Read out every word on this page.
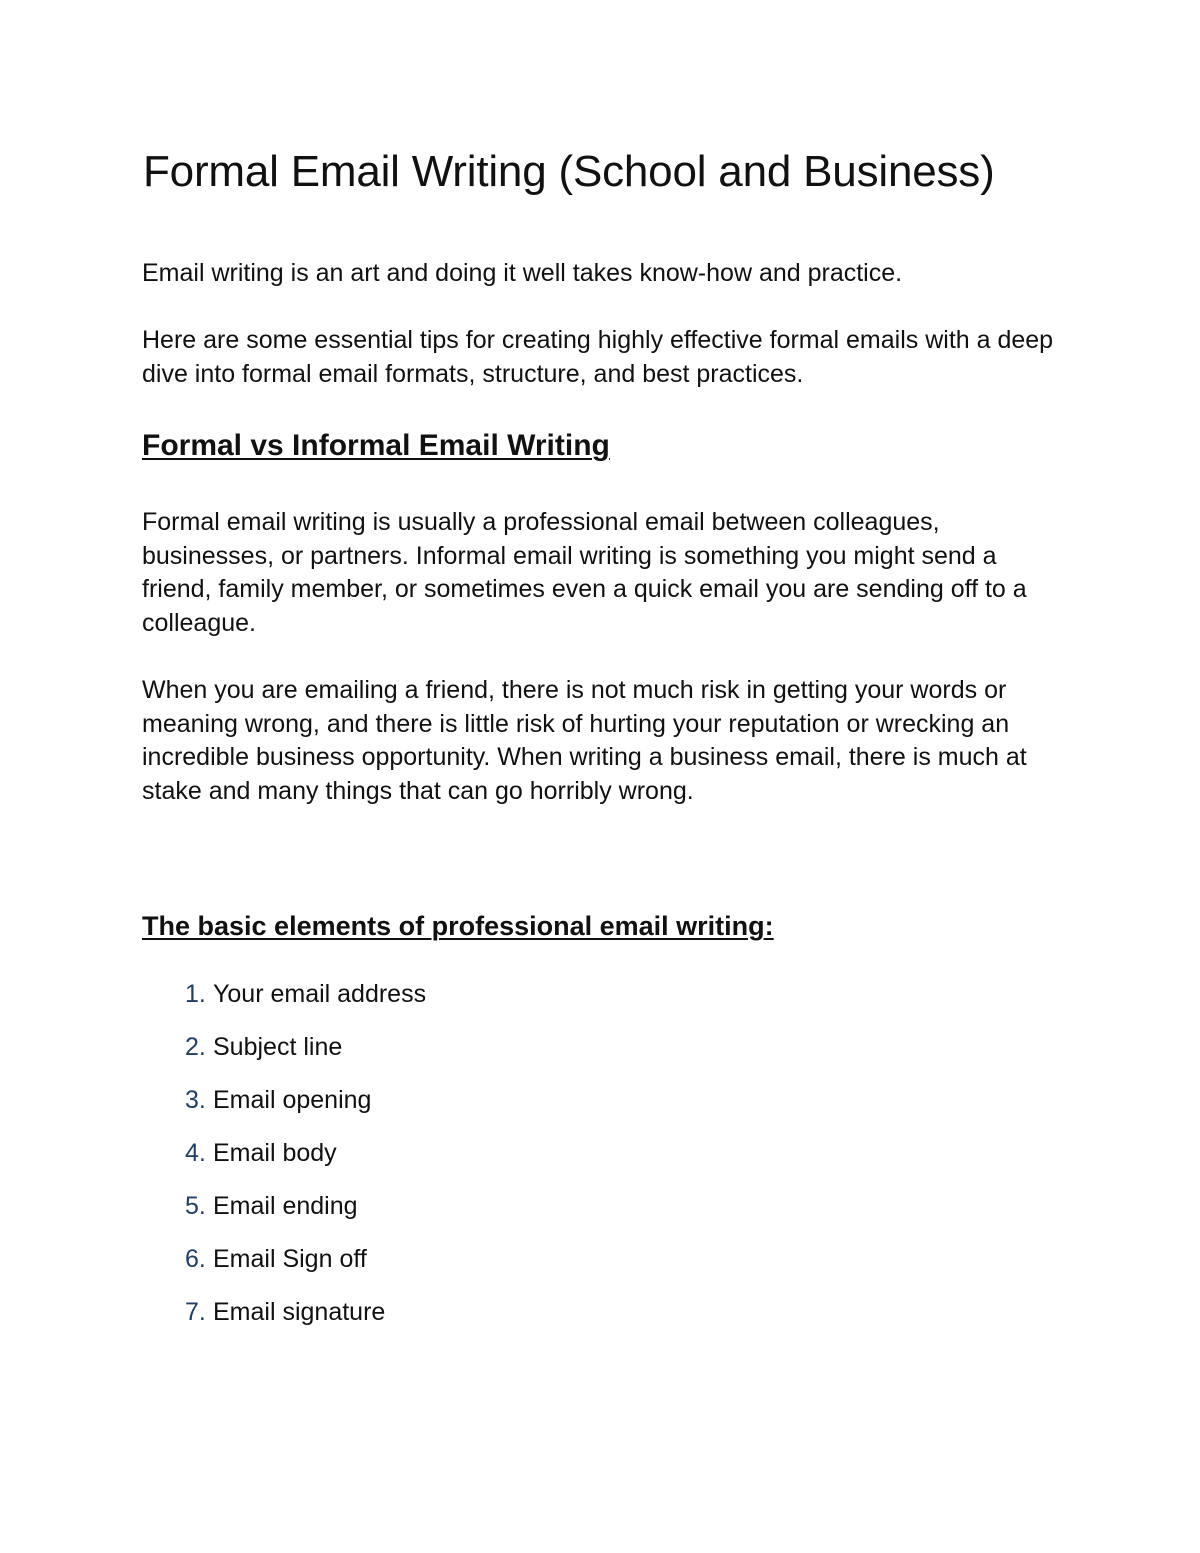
Formal Email Writing (School and Business)

Email writing is an art and doing it well takes know-how and practice.

Here are some essential tips for creating highly effective formal emails with a deep dive into formal email formats, structure, and best practices.

Formal vs Informal Email Writing

Formal email writing is usually a professional email between colleagues, businesses, or partners. Informal email writing is something you might send a friend, family member, or sometimes even a quick email you are sending off to a colleague.

When you are emailing a friend, there is not much risk in getting your words or meaning wrong, and there is little risk of hurting your reputation or wrecking an incredible business opportunity. When writing a business email, there is much at stake and many things that can go horribly wrong.

The basic elements of professional email writing:
1. Your email address
2. Subject line
3. Email opening
4. Email body
5. Email ending
6. Email Sign off
7. Email signature
